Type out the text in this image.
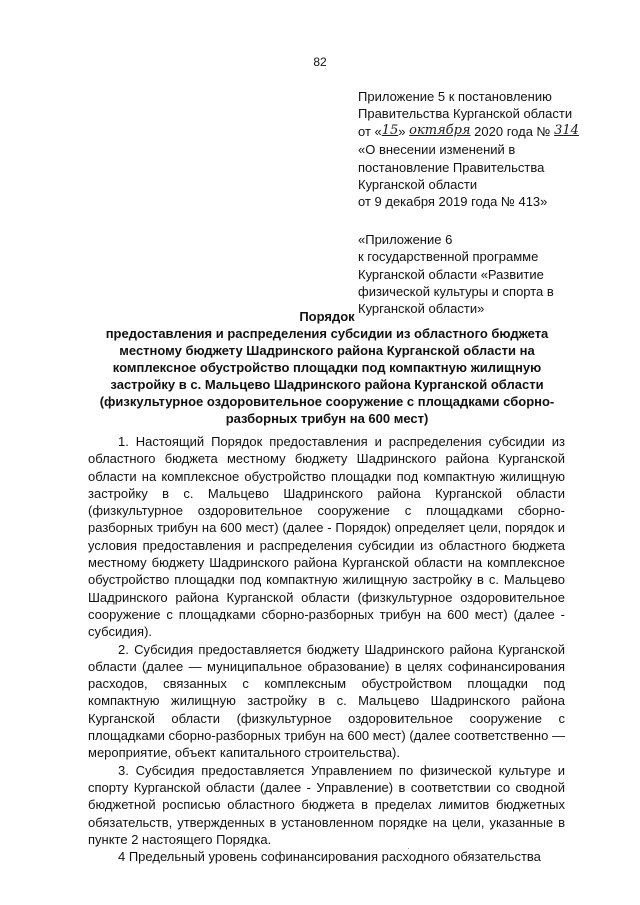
82

Приложение 5 к постановлению

Правительства Курганской области

от «15» октября 2020 года № 314

«О внесении изменений в

постановление Правительства

Курганской области

от 9 декабря 2019 года № 413»

«Приложение 6

к государственной программе

Курганской области «Развитие

физической культуры и спорта в

Курганской области»

Порядок

предоставления и распределения субсидии из областного бюджета

местному бюджету Шадринского района Курганской области на

комплексное обустройство площадки под компактную жилищную

застройку в с. Мальцево Шадринского района Курганской области

(физкультурное оздоровительное сооружение с площадками сборно-

разборных трибун на 600 мест)

1. Настоящий Порядок предоставления и распределения субсидии из областного бюджета местному бюджету Шадринского района Курганской области на комплексное обустройство площадки под компактную жилищную застройку в с. Мальцево Шадринского района Курганской области (физкультурное оздоровительное сооружение с площадками сборно-разборных трибун на 600 мест) (далее - Порядок) определяет цели, порядок и условия предоставления и распределения субсидии из областного бюджета местному бюджету Шадринского района Курганской области на комплексное обустройство площадки под компактную жилищную застройку в с. Мальцево Шадринского района Курганской области (физкультурное оздоровительное сооружение с площадками сборно-разборных трибун на 600 мест) (далее - субсидия).

2. Субсидия предоставляется бюджету Шадринского района Курганской области (далее — муниципальное образование) в целях софинансирования расходов, связанных с комплексным обустройством площадки под компактную жилищную застройку в с. Мальцево Шадринского района Курганской области (физкультурное оздоровительное сооружение с площадками сборно-разборных трибун на 600 мест) (далее соответственно — мероприятие, объект капитального строительства).

3. Субсидия предоставляется Управлением по физической культуре и спорту Курганской области (далее - Управление) в соответствии со сводной бюджетной росписью областного бюджета в пределах лимитов бюджетных обязательств, утвержденных в установленном порядке на цели, указанные в пункте 2 настоящего Порядка.

4 Предельный уровень софинансирования расходного обязательства
